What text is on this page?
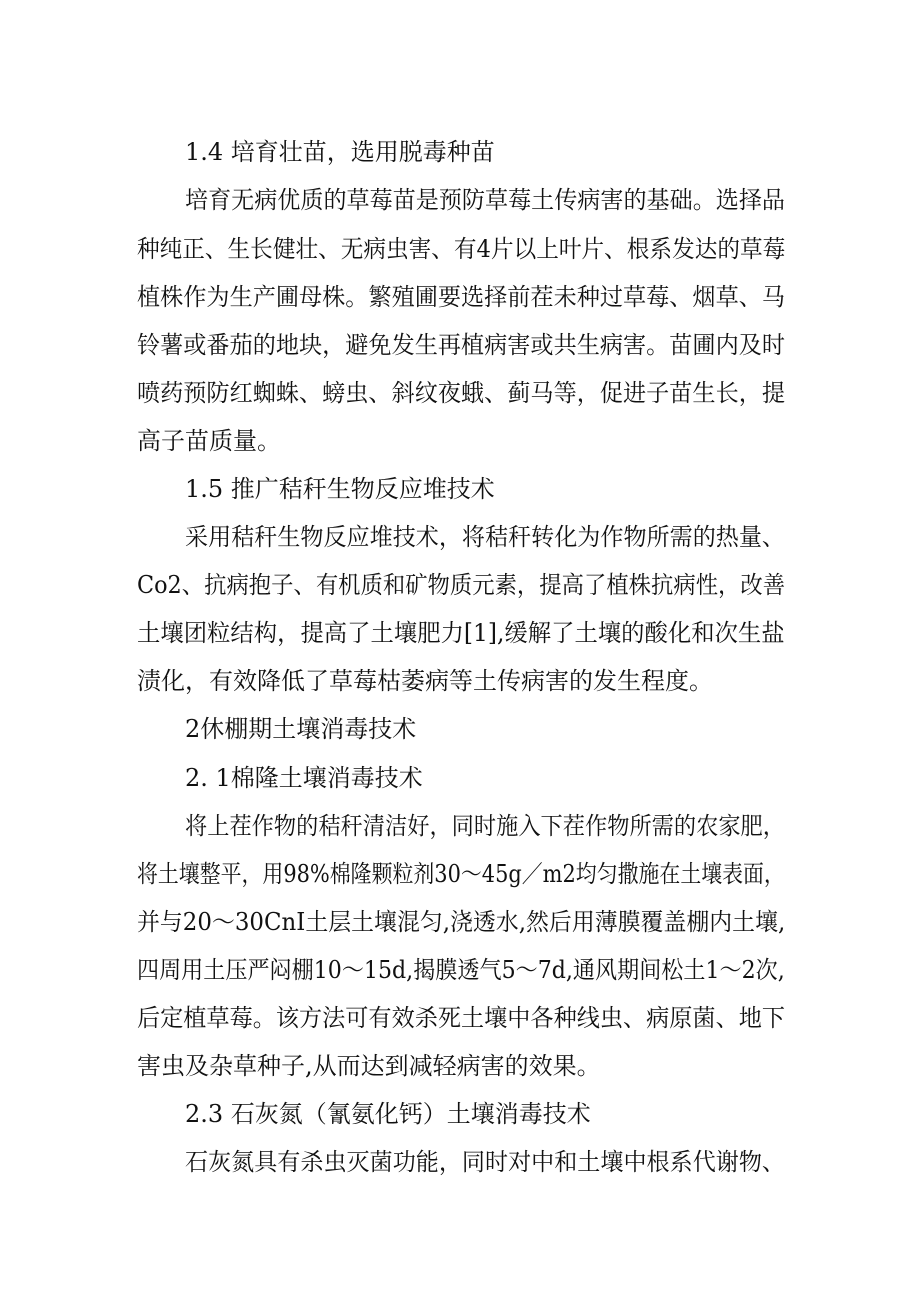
1.4 培育壮苗，选用脱毒种苗
培育无病优质的草莓苗是预防草莓土传病害的基础。选择品
种纯正、生长健壮、无病虫害、有4片以上叶片、根系发达的草莓
植株作为生产圃母株。繁殖圃要选择前茬未种过草莓、烟草、马
铃薯或番茄的地块，避免发生再植病害或共生病害。苗圃内及时
喷药预防红蜘蛛、螃虫、斜纹夜蛾、蓟马等，促进子苗生长，提
高子苗质量。
1.5 推广秸秆生物反应堆技术
采用秸秆生物反应堆技术，将秸秆转化为作物所需的热量、
Co2、抗病抱子、有机质和矿物质元素，提高了植株抗病性，改善
土壤团粒结构，提高了土壤肥力[1],缓解了土壤的酸化和次生盐
渍化，有效降低了草莓枯萎病等土传病害的发生程度。
2休棚期土壤消毒技术
2. 1棉隆土壤消毒技术
将上茬作物的秸秆清洁好，同时施入下茬作物所需的农家肥，
将土壤整平，用98%棉隆颗粒剂30～45g／m2均匀撒施在土壤表面，
并与20～30CnI土层土壤混匀,浇透水,然后用薄膜覆盖棚内土壤,
四周用土压严闷棚10～15d,揭膜透气5～7d,通风期间松土1～2次,
后定植草莓。该方法可有效杀死土壤中各种线虫、病原菌、地下
害虫及杂草种子,从而达到减轻病害的效果。
2.3 石灰氮（氰氨化钙）土壤消毒技术
石灰氮具有杀虫灭菌功能，同时对中和土壤中根系代谢物、
